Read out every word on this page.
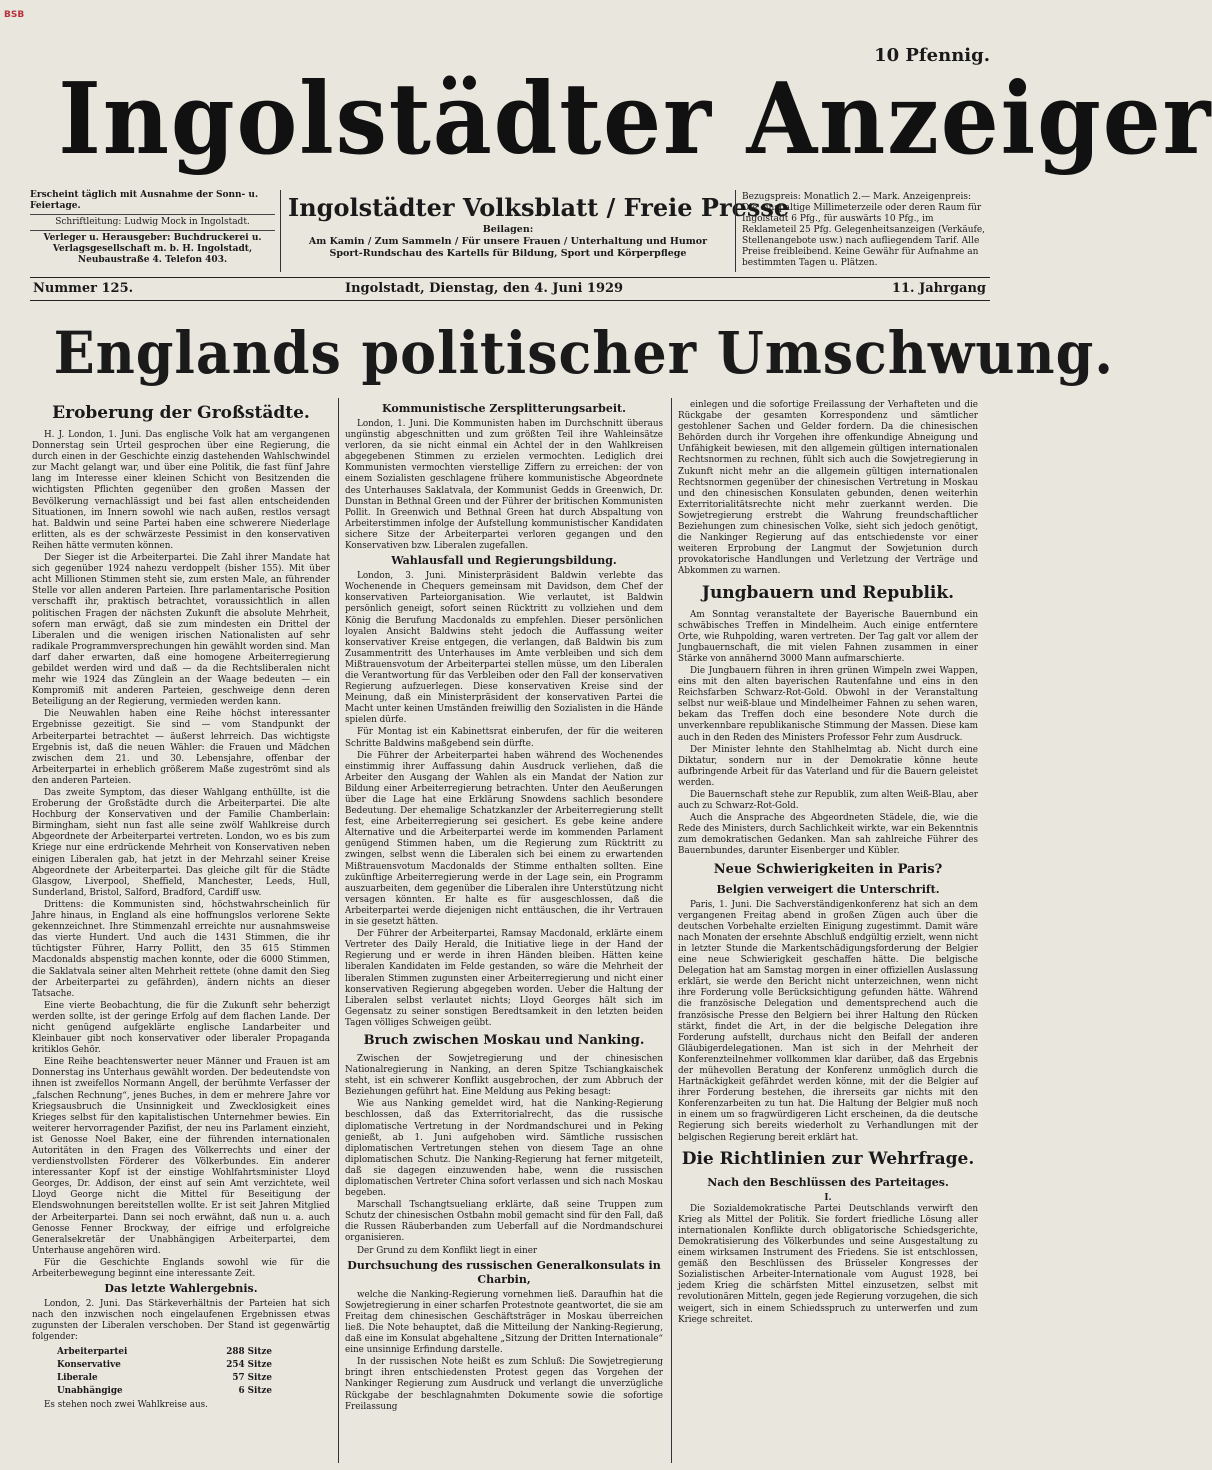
BSB
10 Pfennig.
Ingolstädter Anzeiger
Erscheint täglich mit Ausnahme der Sonn- u. Feiertage.
Schriftleitung: Ludwig Mock in Ingolstadt.
Verleger u. Herausgeber: Buchdruckerei u. Verlagsgesellschaft m. b. H. Ingolstadt, Neubaustraße 4. Telefon 403.
Ingolstädter Volksblatt / Freie Presse
Beilagen:
Am Kamin / Zum Sammeln / Für unsere Frauen / Unterhaltung und Humor
Sport-Rundschau des Kartells für Bildung, Sport und Körperpflege
Bezugspreis: Monatlich 2.— Mark. Anzeigenpreis: Die einspaltige Millimeterzeile oder deren Raum für Ingolstadt 6 Pfg., für auswärts 10 Pfg., im Reklameteil 25 Pfg. Gelegenheitsanzeigen (Verkäufe, Stellenangebote usw.) nach aufliegendem Tarif. Alle Preise freibleibend. Keine Gewähr für Aufnahme an bestimmten Tagen u. Plätzen.
Nummer 125.	Ingolstadt, Dienstag, den 4. Juni 1929	11. Jahrgang
Englands politischer Umschwung.
Eroberung der Großstädte.

H. J. London, 1. Juni. Das englische Volk hat am vergangenen Donnerstag sein Urteil gesprochen über eine Regierung, die durch einen in der Geschichte einzig dastehenden Wahlschwindel zur Macht gelangt war, und über eine Politik, die fast fünf Jahre lang im Interesse einer kleinen Schicht von Besitzenden die wichtigsten Pflichten gegenüber den großen Massen der Bevölkerung vernachlässigt und bei fast allen entscheidenden Situationen, im Innern sowohl wie nach außen, restlos versagt hat. Baldwin und seine Partei haben eine schwerere Niederlage erlitten, als es der schwärzeste Pessimist in den konservativen Reihen hätte vermuten können.

Der Sieger ist die Arbeiterpartei. Die Zahl ihrer Mandate hat sich gegenüber 1924 nahezu verdoppelt (bisher 155). Mit über acht Millionen Stimmen steht sie, zum ersten Male, an führender Stelle vor allen anderen Parteien. Ihre parlamentarische Position verschafft ihr, praktisch betrachtet, voraussichtlich in allen politischen Fragen der nächsten Zukunft die absolute Mehrheit, sofern man erwägt, daß sie zum mindesten ein Drittel der Liberalen und die wenigen irischen Nationalisten auf sehr radikale Programmversprechungen hin gewählt worden sind. Man darf daher erwarten, daß eine homogene Arbeiterregierung gebildet werden wird und daß — da die Rechtsliberalen nicht mehr wie 1924 das Zünglein an der Waage bedeuten — ein Kompromiß mit anderen Parteien, geschweige denn deren Beteiligung an der Regierung, vermieden werden kann.

Die Neuwahlen haben eine Reihe höchst interessanter Ergebnisse gezeitigt. Sie sind — vom Standpunkt der Arbeiterpartei betrachtet — äußerst lehrreich. Das wichtigste Ergebnis ist, daß die neuen Wähler: die Frauen und Mädchen zwischen dem 21. und 30. Lebensjahre, offenbar der Arbeiterpartei in erheblich größerem Maße zugeströmt sind als den anderen Parteien.

Das zweite Symptom, das dieser Wahlgang enthüllte, ist die Eroberung der Großstädte durch die Arbeiterpartei. Die alte Hochburg der Konservativen und der Familie Chamberlain: Birmingham, sieht nun fast alle seine zwölf Wahlkreise durch Abgeordnete der Arbeiterpartei vertreten. London, wo es bis zum Kriege nur eine erdrückende Mehrheit von Konservativen neben einigen Liberalen gab, hat jetzt in der Mehrzahl seiner Kreise Abgeordnete der Arbeiterpartei. Das gleiche gilt für die Städte Glasgow, Liverpool, Sheffield, Manchester, Leeds, Hull, Sunderland, Bristol, Salford, Bradford, Cardiff usw.

Drittens: die Kommunisten sind, höchstwahrscheinlich für Jahre hinaus, in England als eine hoffnungslos verlorene Sekte gekennzeichnet. Ihre Stimmenzahl erreichte nur ausnahmsweise das vierte Hundert. Und auch die 1431 Stimmen, die ihr tüchtigster Führer, Harry Pollitt, den 35 615 Stimmen Macdonalds abspenstig machen konnte, oder die 6000 Stimmen, die Saklatvala seiner alten Mehrheit rettete (ohne damit den Sieg der Arbeiterpartei zu gefährden), ändern nichts an dieser Tatsache.

Eine vierte Beobachtung, die für die Zukunft sehr beherzigt werden sollte, ist der geringe Erfolg auf dem flachen Lande. Der nicht genügend aufgeklärte englische Landarbeiter und Kleinbauer gibt noch konservativer oder liberaler Propaganda kritiklos Gehör.

Eine Reihe beachtenswerter neuer Männer und Frauen ist am Donnerstag ins Unterhaus gewählt worden. Der bedeutendste von ihnen ist zweifellos Normann Angell, der berühmte Verfasser der „falschen Rechnung“, jenes Buches, in dem er mehrere Jahre vor Kriegsausbruch die Unsinnigkeit und Zwecklosigkeit eines Krieges selbst für den kapitalistischen Unternehmer bewies. Ein weiterer hervorragender Pazifist, der neu ins Parlament einzieht, ist Genosse Noel Baker, eine der führenden internationalen Autoritäten in den Fragen des Völkerrechts und einer der verdienstvollsten Förderer des Völkerbundes. Ein anderer interessanter Kopf ist der einstige Wohlfahrtsminister Lloyd Georges, Dr. Addison, der einst auf sein Amt verzichtete, weil Lloyd George nicht die Mittel für Beseitigung der Elendswohnungen bereitstellen wollte. Er ist seit Jahren Mitglied der Arbeiterpartei. Dann sei noch erwähnt, daß nun u. a. auch Genosse Fenner Brockway, der eifrige und erfolgreiche Generalsekretär der Unabhängigen Arbeiterpartei, dem Unterhause angehören wird.

Für die Geschichte Englands sowohl wie für die Arbeiterbewegung beginnt eine interessante Zeit.

Das letzte Wahlergebnis.

London, 2. Juni. Das Stärkeverhältnis der Parteien hat sich nach den inzwischen noch eingelaufenen Ergebnissen etwas zugunsten der Liberalen verschoben. Der Stand ist gegenwärtig folgender:

Arbeiterpartei	288 Sitze
Konservative	254 Sitze
Liberale	57 Sitze
Unabhängige	6 Sitze

Es stehen noch zwei Wahlkreise aus.

Kommunistische Zersplitterungsarbeit.

London, 1. Juni. Die Kommunisten haben im Durchschnitt überaus ungünstig abgeschnitten und zum größten Teil ihre Wahleinsätze verloren, da sie nicht einmal ein Achtel der in den Wahlkreisen abgegebenen Stimmen zu erzielen vermochten. Lediglich drei Kommunisten vermochten vierstellige Ziffern zu erreichen: der von einem Sozialisten geschlagene frühere kommunistische Abgeordnete des Unterhauses Saklatvala, der Kommunist Gedds in Greenwich, Dr. Dunstan in Bethnal Green und der Führer der britischen Kommunisten Pollit. In Greenwich und Bethnal Green hat durch Abspaltung von Arbeiterstimmen infolge der Aufstellung kommunistischer Kandidaten sichere Sitze der Arbeiterpartei verloren gegangen und den Konservativen bzw. Liberalen zugefallen.

Wahlausfall und Regierungsbildung.

London, 3. Juni. Ministerpräsident Baldwin verlebte das Wochenende in Chequers gemeinsam mit Davidson, dem Chef der konservativen Parteiorganisation. Wie verlautet, ist Baldwin persönlich geneigt, sofort seinen Rücktritt zu vollziehen und dem König die Berufung Macdonalds zu empfehlen. Dieser persönlichen loyalen Ansicht Baldwins steht jedoch die Auffassung weiter konservativer Kreise entgegen, die verlangen, daß Baldwin bis zum Zusammentritt des Unterhauses im Amte verbleiben und sich dem Mißtrauensvotum der Arbeiterpartei stellen müsse, um den Liberalen die Verantwortung für das Verbleiben oder den Fall der konservativen Regierung aufzuerlegen. Diese konservativen Kreise sind der Meinung, daß ein Ministerpräsident der konservativen Partei die Macht unter keinen Umständen freiwillig den Sozialisten in die Hände spielen dürfe.

Für Montag ist ein Kabinettsrat einberufen, der für die weiteren Schritte Baldwins maßgebend sein dürfte.

Die Führer der Arbeiterpartei haben während des Wochenendes einstimmig ihrer Auffassung dahin Ausdruck verliehen, daß die Arbeiter den Ausgang der Wahlen als ein Mandat der Nation zur Bildung einer Arbeiterregierung betrachten. Unter den Aeußerungen über die Lage hat eine Erklärung Snowdens sachlich besondere Bedeutung. Der ehemalige Schatzkanzler der Arbeiterregierung stellt fest, eine Arbeiterregierung sei gesichert. Es gebe keine andere Alternative und die Arbeiterpartei werde im kommenden Parlament genügend Stimmen haben, um die Regierung zum Rücktritt zu zwingen, selbst wenn die Liberalen sich bei einem zu erwartenden Mißtrauensvotum Macdonalds der Stimme enthalten sollten. Eine zukünftige Arbeiterregierung werde in der Lage sein, ein Programm auszuarbeiten, dem gegenüber die Liberalen ihre Unterstützung nicht versagen könnten. Er halte es für ausgeschlossen, daß die Arbeiterpartei werde diejenigen nicht enttäuschen, die ihr Vertrauen in sie gesetzt hätten.

Der Führer der Arbeiterpartei, Ramsay Macdonald, erklärte einem Vertreter des Daily Herald, die Initiative liege in der Hand der Regierung und er werde in ihren Händen bleiben. Hätten keine liberalen Kandidaten im Felde gestanden, so wäre die Mehrheit der liberalen Stimmen zugunsten einer Arbeiterregierung und nicht einer konservativen Regierung abgegeben worden. Ueber die Haltung der Liberalen selbst verlautet nichts; Lloyd Georges hält sich im Gegensatz zu seiner sonstigen Beredtsamkeit in den letzten beiden Tagen völliges Schweigen geübt.

Bruch zwischen Moskau und Nanking.

Zwischen der Sowjetregierung und der chinesischen Nationalregierung in Nanking, an deren Spitze Tschiangkaischek steht, ist ein schwerer Konflikt ausgebrochen, der zum Abbruch der Beziehungen geführt hat. Eine Meldung aus Peking besagt:

Wie aus Nanking gemeldet wird, hat die Nanking-Regierung beschlossen, daß das Exterritorialrecht, das die russische diplomatische Vertretung in der Nordmandschurei und in Peking genießt, ab 1. Juni aufgehoben wird. Sämtliche russischen diplomatischen Vertretungen stehen von diesem Tage an ohne diplomatischen Schutz. Die Nanking-Regierung hat ferner mitgeteilt, daß sie dagegen einzuwenden habe, wenn die russischen diplomatischen Vertreter China sofort verlassen und sich nach Moskau begeben.

Marschall Tschangtsueliang erklärte, daß seine Truppen zum Schutz der chinesischen Ostbahn mobil gemacht sind für den Fall, daß die Russen Räuberbanden zum Ueberfall auf die Nordmandschurei organisieren.

Der Grund zu dem Konflikt liegt in einer

Durchsuchung des russischen Generalkonsulats in Charbin,

welche die Nanking-Regierung vornehmen ließ. Daraufhin hat die Sowjetregierung in einer scharfen Protestnote geantwortet, die sie am Freitag dem chinesischen Geschäftsträger in Moskau überreichen ließ. Die Note behauptet, daß die Mitteilung der Nanking-Regierung, daß eine im Konsulat abgehaltene „Sitzung der Dritten Internationale“ eine unsinnige Erfindung darstelle.

In der russischen Note heißt es zum Schluß: Die Sowjetregierung bringt ihren entschiedensten Protest gegen das Vorgehen der Nankinger Regierung zum Ausdruck und verlangt die unverzügliche Rückgabe der beschlagnahmten Dokumente sowie die sofortige Freilassung

einlegen und die sofortige Freilassung der Verhafteten und die Rückgabe der gesamten Korrespondenz und sämtlicher gestohlener Sachen und Gelder fordern. Da die chinesischen Behörden durch ihr Vorgehen ihre offenkundige Abneigung und Unfähigkeit bewiesen, mit den allgemein gültigen internationalen Rechtsnormen zu rechnen, fühlt sich auch die Sowjetregierung in Zukunft nicht mehr an die allgemein gültigen internationalen Rechtsnormen gegenüber der chinesischen Vertretung in Moskau und den chinesischen Konsulaten gebunden, denen weiterhin Exterritorialitätsrechte nicht mehr zuerkannt werden. Die Sowjetregierung erstrebt die Wahrung freundschaftlicher Beziehungen zum chinesischen Volke, sieht sich jedoch genötigt, die Nankinger Regierung auf das entschiedenste vor einer weiteren Erprobung der Langmut der Sowjetunion durch provokatorische Handlungen und Verletzung der Verträge und Abkommen zu warnen.

Jungbauern und Republik.

Am Sonntag veranstaltete der Bayerische Bauernbund ein schwäbisches Treffen in Mindelheim. Auch einige entferntere Orte, wie Ruhpolding, waren vertreten. Der Tag galt vor allem der Jungbauernschaft, die mit vielen Fahnen zusammen in einer Stärke von annähernd 3000 Mann aufmarschierte.

Die Jungbauern führen in ihren grünen Wimpeln zwei Wappen, eins mit den alten bayerischen Rautenfahne und eins in den Reichsfarben Schwarz-Rot-Gold. Obwohl in der Veranstaltung selbst nur weiß-blaue und Mindelheimer Fahnen zu sehen waren, bekam das Treffen doch eine besondere Note durch die unverkennbare republikanische Stimmung der Massen. Diese kam auch in den Reden des Ministers Professor Fehr zum Ausdruck.

Der Minister lehnte den Stahlhelmtag ab. Nicht durch eine Diktatur, sondern nur in der Demokratie könne heute aufbringende Arbeit für das Vaterland und für die Bauern geleistet werden.

Die Bauernschaft stehe zur Republik, zum alten Weiß-Blau, aber auch zu Schwarz-Rot-Gold.

Auch die Ansprache des Abgeordneten Städele, die, wie die Rede des Ministers, durch Sachlichkeit wirkte, war ein Bekenntnis zum demokratischen Gedanken. Man sah zahlreiche Führer des Bauernbundes, darunter Eisenberger und Kübler.

Neue Schwierigkeiten in Paris?
Belgien verweigert die Unterschrift.

Paris, 1. Juni. Die Sachverständigenkonferenz hat sich an dem vergangenen Freitag abend in großen Zügen auch über die deutschen Vorbehalte erzielten Einigung zugestimmt. Damit wäre nach Monaten der ersehnte Abschluß endgültig erzielt, wenn nicht in letzter Stunde die Markentschädigungsforderung der Belgier eine neue Schwierigkeit geschaffen hätte. Die belgische Delegation hat am Samstag morgen in einer offiziellen Auslassung erklärt, sie werde den Bericht nicht unterzeichnen, wenn nicht ihre Forderung volle Berücksichtigung gefunden hätte. Während die französische Delegation und dementsprechend auch die französische Presse den Belgiern bei ihrer Haltung den Rücken stärkt, findet die Art, in der die belgische Delegation ihre Forderung aufstellt, durchaus nicht den Beifall der anderen Gläubigerdelegationen. Man ist sich in der Mehrheit der Konferenzteilnehmer vollkommen klar darüber, daß das Ergebnis der mühevollen Beratung der Konferenz unmöglich durch die Hartnäckigkeit gefährdet werden könne, mit der die Belgier auf ihrer Forderung bestehen, die ihrerseits gar nichts mit den Konferenzarbeiten zu tun hat. Die Haltung der Belgier muß noch in einem um so fragwürdigeren Licht erscheinen, da die deutsche Regierung sich bereits wiederholt zu Verhandlungen mit der belgischen Regierung bereit erklärt hat.

Die Richtlinien zur Wehrfrage.
Nach den Beschlüssen des Parteitages.
I.

Die Sozialdemokratische Partei Deutschlands verwirft den Krieg als Mittel der Politik. Sie fordert friedliche Lösung aller internationalen Konflikte durch obligatorische Schiedsgerichte, Demokratisierung des Völkerbundes und seine Ausgestaltung zu einem wirksamen Instrument des Friedens. Sie ist entschlossen, gemäß den Beschlüssen des Brüsseler Kongresses der Sozialistischen Arbeiter-Internationale vom August 1928, bei jedem Krieg die schärfsten Mittel einzusetzen, selbst mit revolutionären Mitteln, gegen jede Regierung vorzugehen, die sich weigert, sich in einem Schiedsspruch zu unterwerfen und zum Kriege schreitet.
